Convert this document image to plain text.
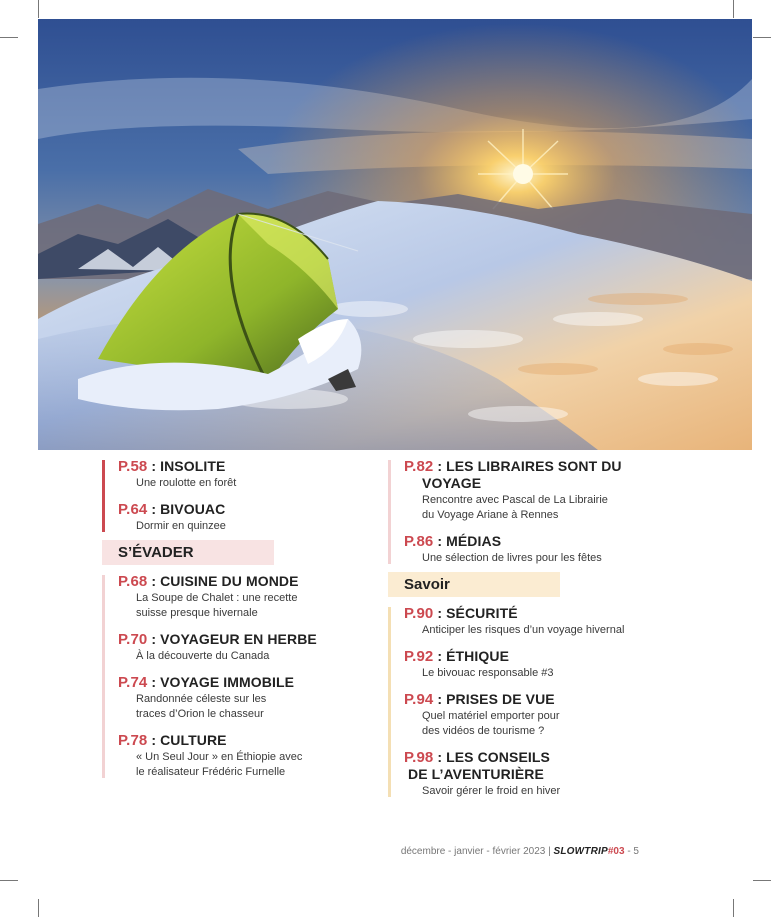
P.58 : INSOLITE
Une roulotte en forêt
P.64 : BIVOUAC
Dormir en quinzee
S’ÉVADER
P.68 : CUISINE DU MONDE
La Soupe de Chalet : une recette
suisse presque hivernale
P.70 : VOYAGEUR EN HERBE
À la découverte du Canada
P.74 : VOYAGE IMMOBILE
Randonnée céleste sur les
traces d’Orion le chasseur
P.78 : CULTURE
« Un Seul Jour » en Éthiopie avec
le réalisateur Frédéric Furnelle
P.82 : LES LIBRAIRES SONT DU
VOYAGE
Rencontre avec Pascal de La Librairie
du Voyage Ariane à Rennes
P.86 : MÉDIAS
Une sélection de livres pour les fêtes
Savoir
P.90 : SÉCURITÉ
Anticiper les risques d’un voyage hivernal
P.92 : ÉTHIQUE
Le bivouac responsable #3
P.94 : PRISES DE VUE
Quel matériel emporter pour
des vidéos de tourisme ?
P.98 : LES CONSEILS
DE L’AVENTURIÈRE
Savoir gérer le froid en hiver
décembre - janvier - février 2023 | SLOWTRIP#03 - 5
